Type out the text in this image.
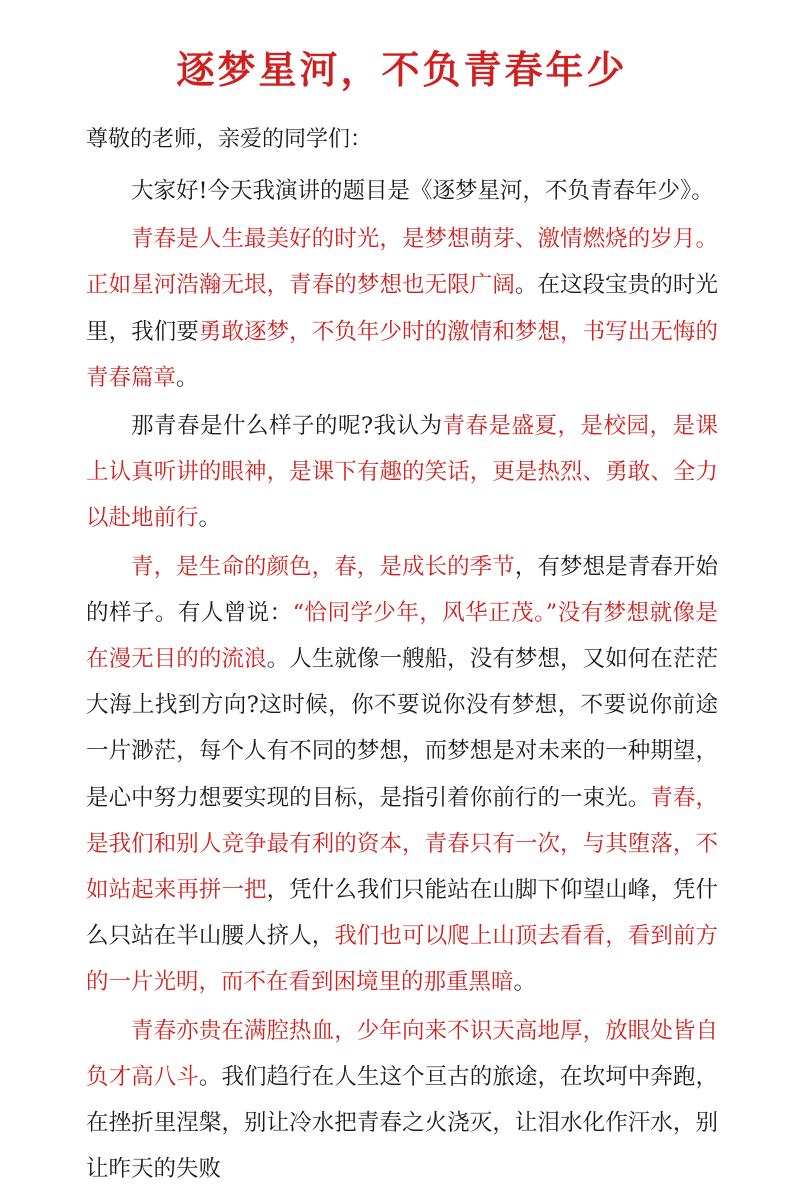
逐梦星河，不负青春年少
尊敬的老师，亲爱的同学们：

大家好!今天我演讲的题目是《逐梦星河，不负青春年少》。

青春是人生最美好的时光，是梦想萌芽、激情燃烧的岁月。正如星河浩瀚无垠，青春的梦想也无限广阔。在这段宝贵的时光里，我们要勇敢逐梦，不负年少时的激情和梦想，书写出无悔的青春篇章。

那青春是什么样子的呢?我认为青春是盛夏，是校园，是课上认真听讲的眼神，是课下有趣的笑话，更是热烈、勇敢、全力以赴地前行。

青，是生命的颜色，春，是成长的季节，有梦想是青春开始的样子。有人曾说：“恰同学少年，风华正茂。”没有梦想就像是在漫无目的的流浪。人生就像一艘船，没有梦想，又如何在茫茫大海上找到方向?这时候，你不要说你没有梦想，不要说你前途一片渺茫，每个人有不同的梦想，而梦想是对未来的一种期望，是心中努力想要实现的目标，是指引着你前行的一束光。青春，是我们和别人竞争最有利的资本，青春只有一次，与其堕落，不如站起来再拼一把，凭什么我们只能站在山脚下仰望山峰，凭什么只站在半山腰人挤人，我们也可以爬上山顶去看看，看到前方的一片光明，而不在看到困境里的那重黑暗。

青春亦贵在满腔热血，少年向来不识天高地厚，放眼处皆自负才高八斗。我们趋行在人生这个亘古的旅途，在坎坷中奔跑，在挫折里涅槃，别让冷水把青春之火浇灭，让泪水化作汗水，别让昨天的失败
